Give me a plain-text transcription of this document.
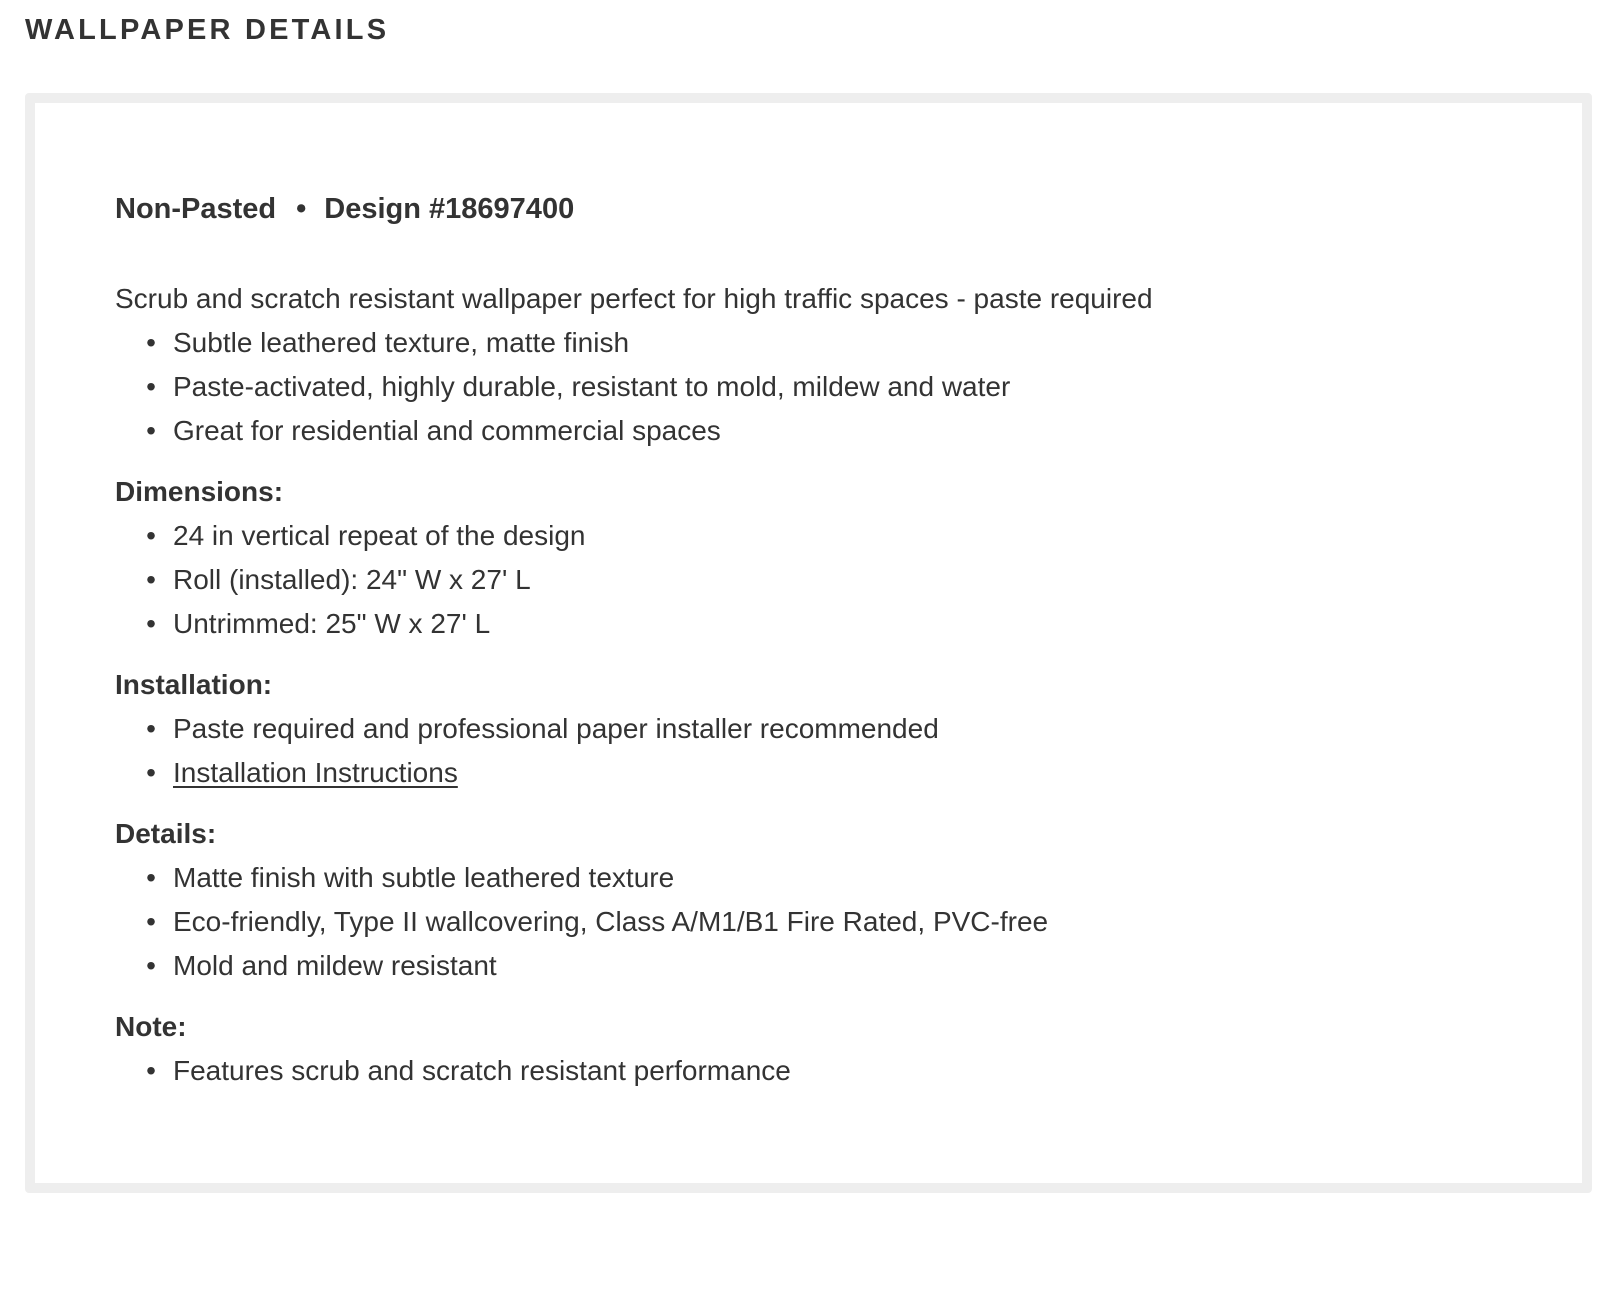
WALLPAPER DETAILS

Non-Pasted • Design #18697400

Scrub and scratch resistant wallpaper perfect for high traffic spaces - paste required

• Subtle leathered texture, matte finish
• Paste-activated, highly durable, resistant to mold, mildew and water
• Great for residential and commercial spaces

Dimensions:

• 24 in vertical repeat of the design
• Roll (installed): 24" W x 27' L
• Untrimmed: 25" W x 27' L

Installation:

• Paste required and professional paper installer recommended
• Installation Instructions

Details:

• Matte finish with subtle leathered texture
• Eco-friendly, Type II wallcovering, Class A/M1/B1 Fire Rated, PVC-free
• Mold and mildew resistant

Note:

• Features scrub and scratch resistant performance
